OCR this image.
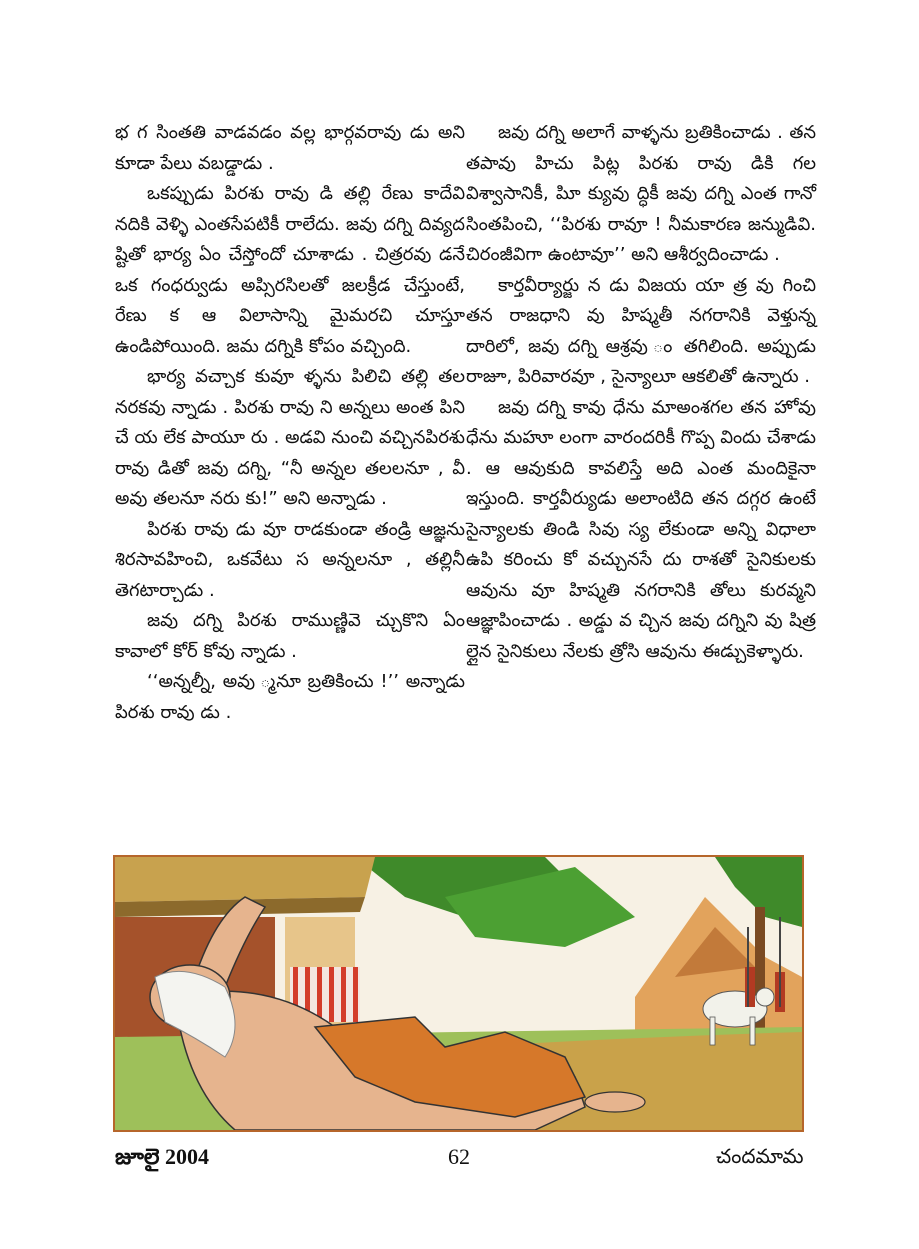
భ గ సింతతి వాడవడం వల్ల భార్గవరావు డు అని కూడా పేలు వబడ్డాడు .

ఒకప్పుడు పిరశు రావు డి తల్లి రేణు కాదేవి నదికి వెళ్ళి ఎంతసేపటికీ రాలేదు. జవు దగ్ని దివ్యద ష్టితో భార్య ఏం చేస్తోందో చూశాడు . చిత్రరవు డనే ఒక గంధర్వుడు అప్సిరసిలతో జలక్రీడ చేస్తుంటే, రేణు క ఆ విలాసాన్ని మైమరచి చూస్తూ ఉండిపోయింది. జమ దగ్నికి కోపం వచ్చింది.

భార్య వచ్చాక కువూ ళ్ళను పిలిచి తల్లి తల నరకవు న్నాడు . పిరశు రావు ని అన్నలు అంత పిని చే య లేక పాయూ రు . అడవి నుంచి వచ్చినపిరశు రావు డితో జవు దగ్ని, “నీ అన్నల తలలనూ , వీ అవు తలనూ నరు కు!” అని అన్నాడు .

పిరశు రావు డు వూ రాడకుండా తండ్రి ఆజ్ఞను శిరసావహించి, ఒకవేటు స అన్నలనూ , తల్లినీ తెగటార్చాడు .

జవు దగ్ని పిరశు రాముణ్ణివె చ్చుకొని ఏం కావాలో కోర్ కోవు న్నాడు .

‘‘అన్నల్నీ, అవు ్మనూ బ్రతికించు !’’ అన్నాడు పిరశు రావు డు .

జవు దగ్ని అలాగే వాళ్ళను బ్రతికించాడు . తన తపావు హిచు పిట్ల పిరశు రావు డికి గల విశ్వాసానికీ, పిూ క్యువు ద్ధికీ జవు దగ్ని ఎంత గానో సింతపించి, ‘‘పిరశు రావూ ! నీమకారణ జన్ముడివి. చిరంజీవిగా ఉంటావూ’’ అని ఆశీర్వదించాడు .

కార్తవీర్యార్జు న డు విజయ యా త్ర వు గించి తన రాజధాని వు హిష్మతీ నగరానికి వెళ్తున్న దారిలో, జవు దగ్ని ఆశ్రవు ం తగిలింది. అప్పుడు రాజూ, పిరివారవూ , సైన్యాలూ ఆకలితో ఉన్నారు .

జవు దగ్ని కావు ధేను మాఅంశగల తన హోవు ధేను మహూ లంగా వారందరికీ గొప్ప విందు చేశాడు . ఆ ఆవుకుది కావలిస్తే అది ఎంత మందికైనా ఇస్తుంది. కార్తవీర్యుడు అలాంటిది తన దగ్గర ఉంటే సైన్యాలకు తిండి సివు స్య లేకుండా అన్ని విధాలా ఉపి కరించు కో వచ్చునసే దు రాశతో సైనికులకు ఆవును వూ హిష్మతి నగరానికి తోలు కురవ్మని ఆజ్ఞాపించాడు . అడ్డు వ చ్చిన జవు దగ్నిని వు షిత్ర ల్లైన సైనికులు నేలకు త్రోసి ఆవును ఈడ్చుకెళ్ళారు.

జూలై 2004	62	చందమామ
